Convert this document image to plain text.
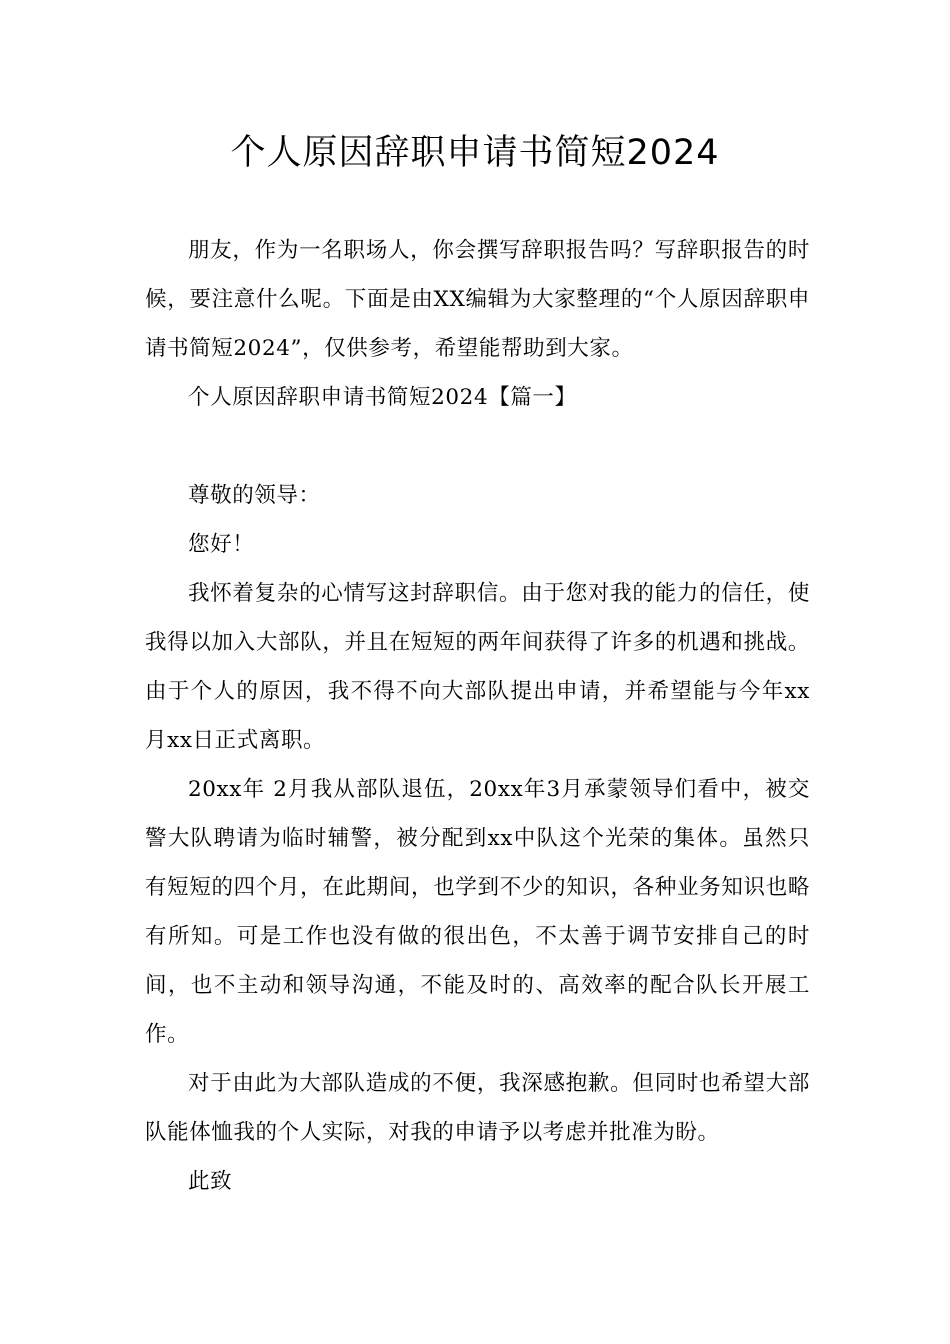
个人原因辞职申请书简短2024

朋友，作为一名职场人，你会撰写辞职报告吗？写辞职报告的时候，要注意什么呢。下面是由XX编辑为大家整理的“个人原因辞职申请书简短2024”，仅供参考，希望能帮助到大家。

个人原因辞职申请书简短2024【篇一】

尊敬的领导：

您好！

我怀着复杂的心情写这封辞职信。由于您对我的能力的信任，使我得以加入大部队，并且在短短的两年间获得了许多的机遇和挑战。由于个人的原因，我不得不向大部队提出申请，并希望能与今年xx月xx日正式离职。

20xx年 2月我从部队退伍，20xx年3月承蒙领导们看中，被交警大队聘请为临时辅警，被分配到xx中队这个光荣的集体。虽然只有短短的四个月，在此期间，也学到不少的知识，各种业务知识也略有所知。可是工作也没有做的很出色，不太善于调节安排自己的时间，也不主动和领导沟通，不能及时的、高效率的配合队长开展工作。

对于由此为大部队造成的不便，我深感抱歉。但同时也希望大部队能体恤我的个人实际，对我的申请予以考虑并批准为盼。

此致
